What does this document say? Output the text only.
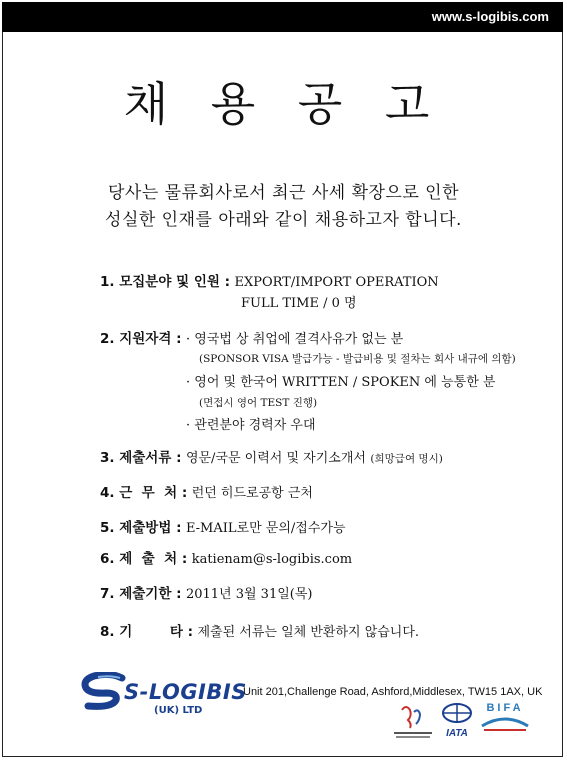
www.s-logibis.com
채 용 공 고
당사는 물류회사로서 최근 사세 확장으로 인한
성실한 인재를 아래와 같이 채용하고자 합니다.
1. 모집분야 및 인원 : EXPORT/IMPORT OPERATION
FULL TIME / 0 명
2. 지원자격 : · 영국법 상 취업에 결격사유가 없는 분
(SPONSOR VISA 발급가능 - 발급비용 및 절차는 회사 내규에 의함)
· 영어 및 한국어 WRITTEN / SPOKEN 에 능통한 분
(면접시 영어 TEST 진행)
· 관련분야 경력자 우대
3. 제출서류 : 영문/국문 이력서 및 자기소개서 (희망급여 명시)
4. 근  무  처 : 런던 히드로공항 근처
5. 제출방법 : E-MAIL로만 문의/접수가능
6. 제  출  처 : katienam@s-logibis.com
7. 제출기한 : 2011년 3월 31일(목)
8. 기        타 : 제출된 서류는 일체 반환하지 않습니다.
S-LOGIBIS
(UK) LTD
Unit 201,Challenge Road, Ashford,Middlesex, TW15 1AX, UK
IATA
BIFA
